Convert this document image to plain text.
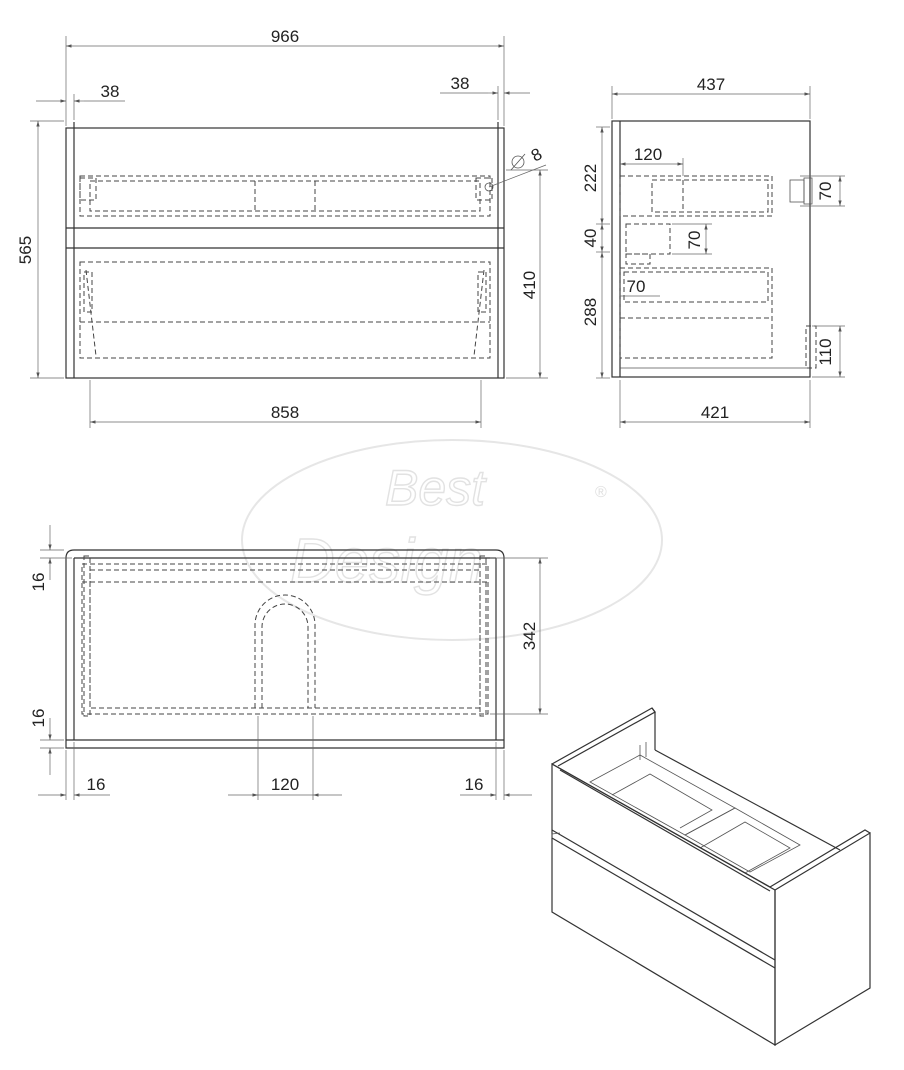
Best
Design
®
966
38	38
565
410
858
8
70
437
421
120
222
40
288
70
70
110
16
16
342
16	120	16
